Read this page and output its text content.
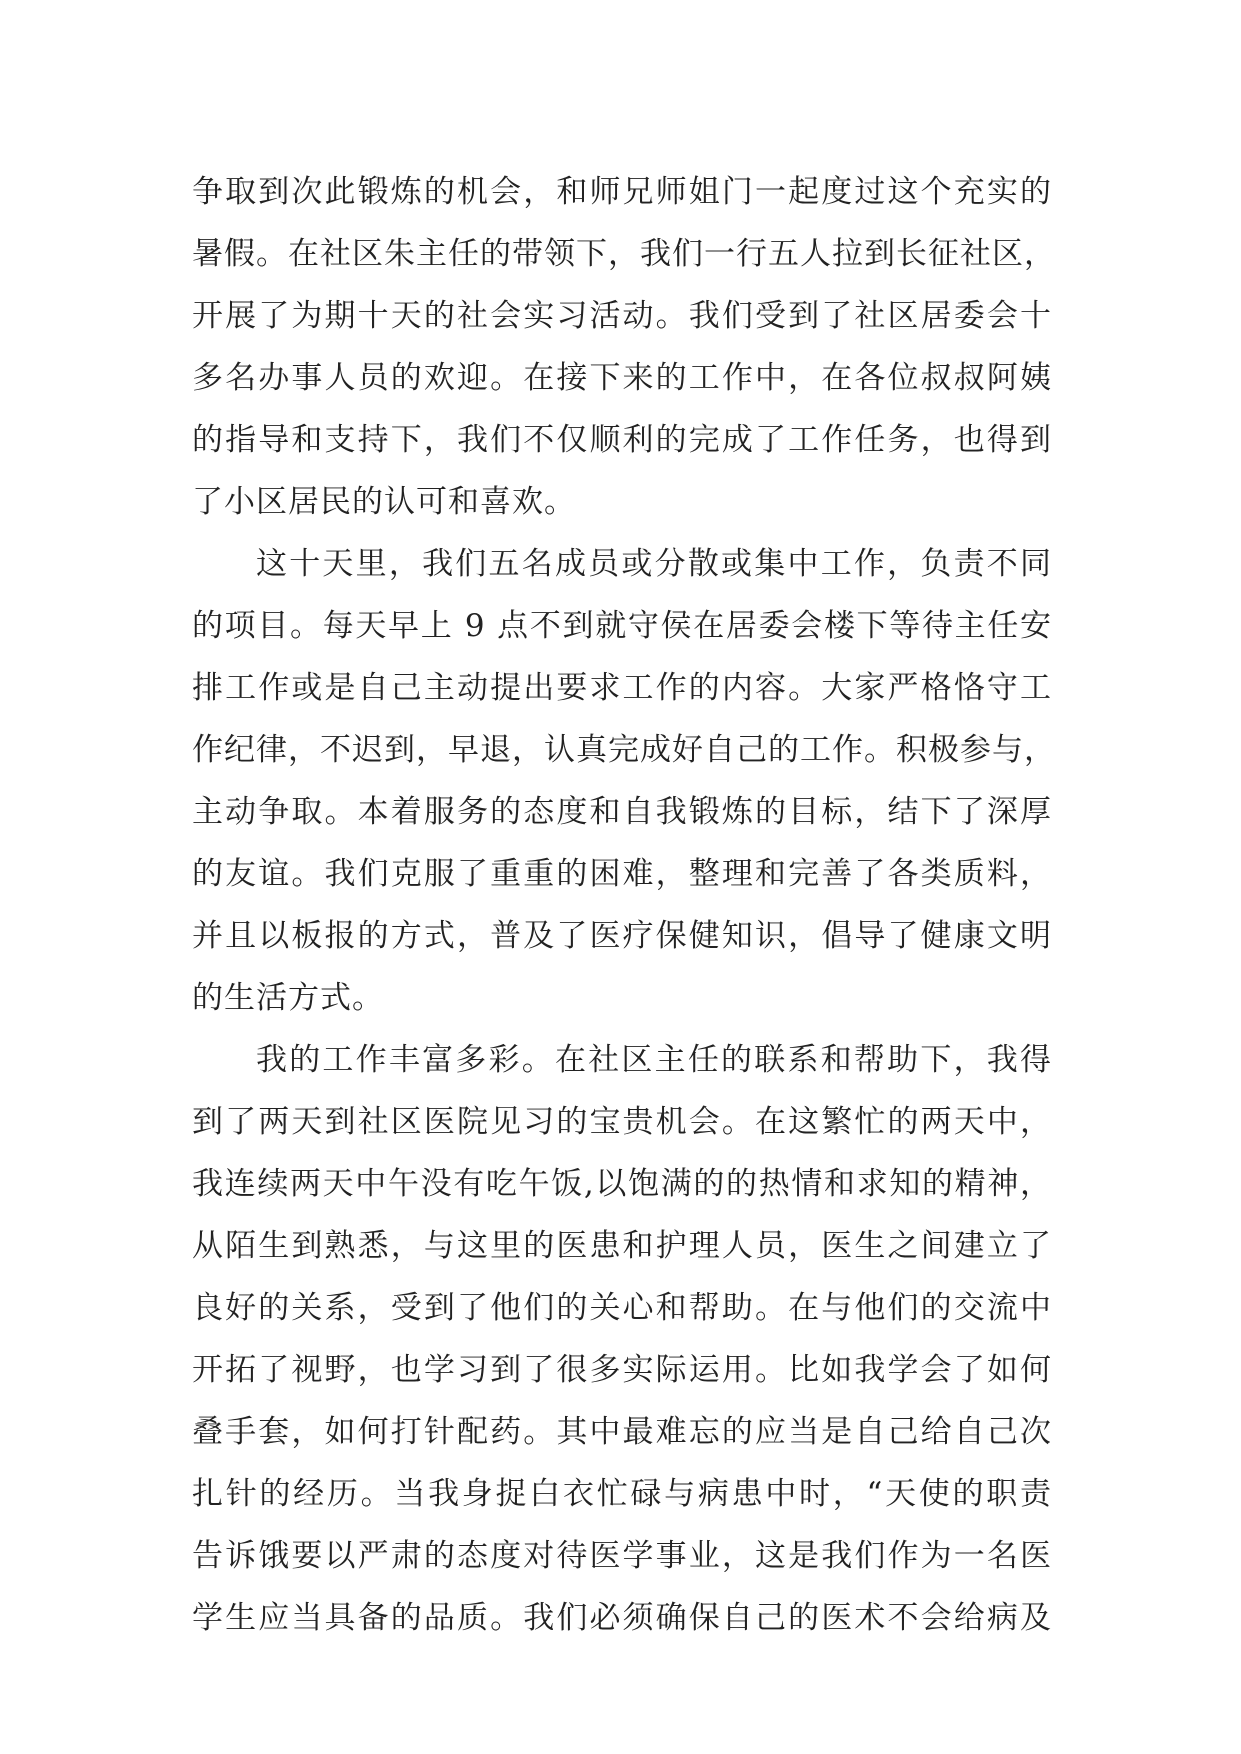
争取到次此锻炼的机会，和师兄师姐门一起度过这个充实的
暑假。在社区朱主任的带领下，我们一行五人拉到长征社区，
开展了为期十天的社会实习活动。我们受到了社区居委会十
多名办事人员的欢迎。在接下来的工作中，在各位叔叔阿姨
的指导和支持下，我们不仅顺利的完成了工作任务，也得到
了小区居民的认可和喜欢。
这十天里，我们五名成员或分散或集中工作，负责不同
的项目。每天早上 9 点不到就守侯在居委会楼下等待主任安
排工作或是自己主动提出要求工作的内容。大家严格恪守工
作纪律，不迟到，早退，认真完成好自己的工作。积极参与，
主动争取。本着服务的态度和自我锻炼的目标，结下了深厚
的友谊。我们克服了重重的困难，整理和完善了各类质料，
并且以板报的方式，普及了医疗保健知识，倡导了健康文明
的生活方式。
我的工作丰富多彩。在社区主任的联系和帮助下，我得
到了两天到社区医院见习的宝贵机会。在这繁忙的两天中，
我连续两天中午没有吃午饭,以饱满的的热情和求知的精神，
从陌生到熟悉，与这里的医患和护理人员，医生之间建立了
良好的关系，受到了他们的关心和帮助。在与他们的交流中
开拓了视野，也学习到了很多实际运用。比如我学会了如何
叠手套，如何打针配药。其中最难忘的应当是自己给自己次
扎针的经历。当我身捉白衣忙碌与病患中时，“天使的职责
告诉饿要以严肃的态度对待医学事业，这是我们作为一名医
学生应当具备的品质。我们必须确保自己的医术不会给病及
